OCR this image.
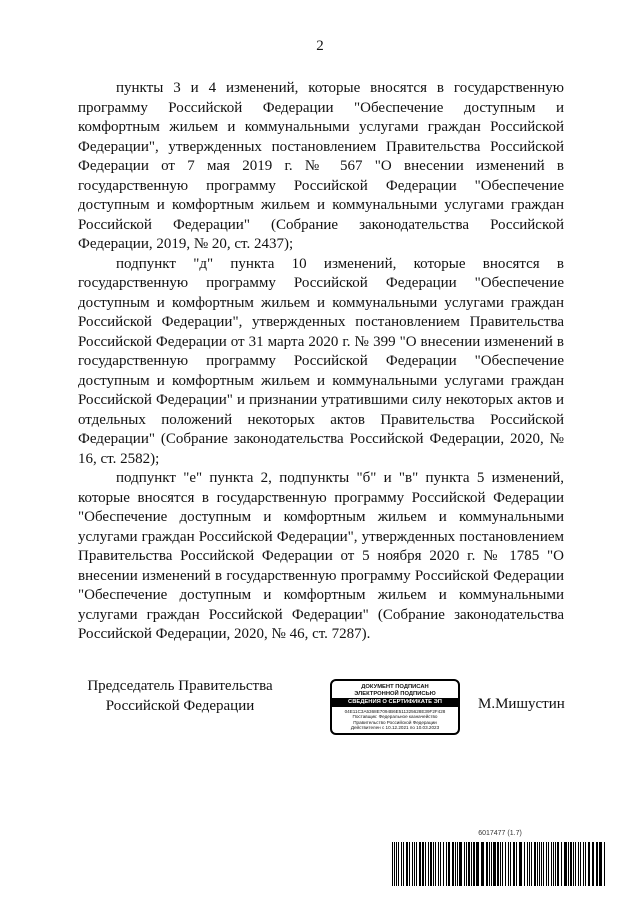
2

пункты 3 и 4 изменений, которые вносятся в государственную программу Российской Федерации "Обеспечение доступным и комфортным жильем и коммунальными услугами граждан Российской Федерации", утвержденных постановлением Правительства Российской Федерации от 7 мая 2019 г. № 567 "О внесении изменений в государственную программу Российской Федерации "Обеспечение доступным и комфортным жильем и коммунальными услугами граждан Российской Федерации" (Собрание законодательства Российской Федерации, 2019, № 20, ст. 2437);

подпункт "д" пункта 10 изменений, которые вносятся в государственную программу Российской Федерации "Обеспечение доступным и комфортным жильем и коммунальными услугами граждан Российской Федерации", утвержденных постановлением Правительства Российской Федерации от 31 марта 2020 г. № 399 "О внесении изменений в государственную программу Российской Федерации "Обеспечение доступным и комфортным жильем и коммунальными услугами граждан Российской Федерации" и признании утратившими силу некоторых актов и отдельных положений некоторых актов Правительства Российской Федерации" (Собрание законодательства Российской Федерации, 2020, № 16, ст. 2582);

подпункт "е" пункта 2, подпункты "б" и "в" пункта 5 изменений, которые вносятся в государственную программу Российской Федерации "Обеспечение доступным и комфортным жильем и коммунальными услугами граждан Российской Федерации", утвержденных постановлением Правительства Российской Федерации от 5 ноября 2020 г. № 1785 "О внесении изменений в государственную программу Российской Федерации "Обеспечение доступным и комфортным жильем и коммунальными услугами граждан Российской Федерации" (Собрание законодательства Российской Федерации, 2020, № 46, ст. 7287).

Председатель Правительства
Российской Федерации
ДОКУМЕНТ ПОДПИСАН
ЭЛЕКТРОННОЙ ПОДПИСЬЮ
СВЕДЕНИЯ О СЕРТИФИКАТЕ ЭП
04E11C3A5368E7094B6E511325628E39F2F428
Поставщик: Федеральное казначейство
Правительство Российской Федерации
Действителен с 10.12.2021 по 10.03.2023
М.Мишустин
6017477 (1.7)
